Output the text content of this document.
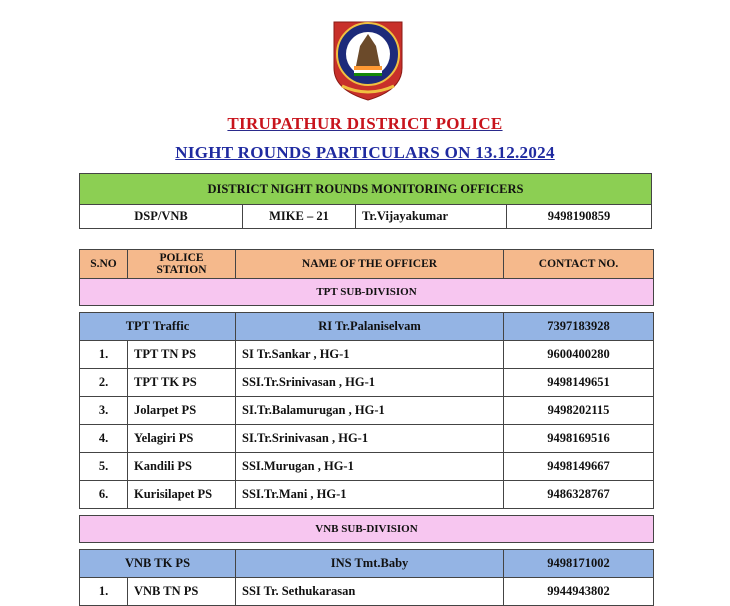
TIRUPATHUR DISTRICT POLICE
NIGHT ROUNDS PARTICULARS ON 13.12.2024
DISTRICT NIGHT ROUNDS MONITORING OFFICERS
DSP/VNB	MIKE – 21	Tr.Vijayakumar	9498190859
S.NO	POLICE STATION	NAME OF THE OFFICER	CONTACT NO.
TPT SUB-DIVISION			

TPT Traffic		RI Tr.Palaniselvam	7397183928
1.	TPT TN PS	SI Tr.Sankar , HG-1	9600400280
2.	TPT TK PS	SSI.Tr.Srinivasan , HG-1	9498149651
3.	Jolarpet PS	SI.Tr.Balamurugan , HG-1	9498202115
4.	Yelagiri PS	SI.Tr.Srinivasan , HG-1	9498169516
5.	Kandili PS	SSI.Murugan , HG-1	9498149667
6.	Kurisilapet PS	SSI.Tr.Mani , HG-1	9486328767

VNB SUB-DIVISION			

VNB TK PS		INS Tmt.Baby	9498171002
1.	VNB TN PS	SSI Tr. Sethukarasan	9944943802
